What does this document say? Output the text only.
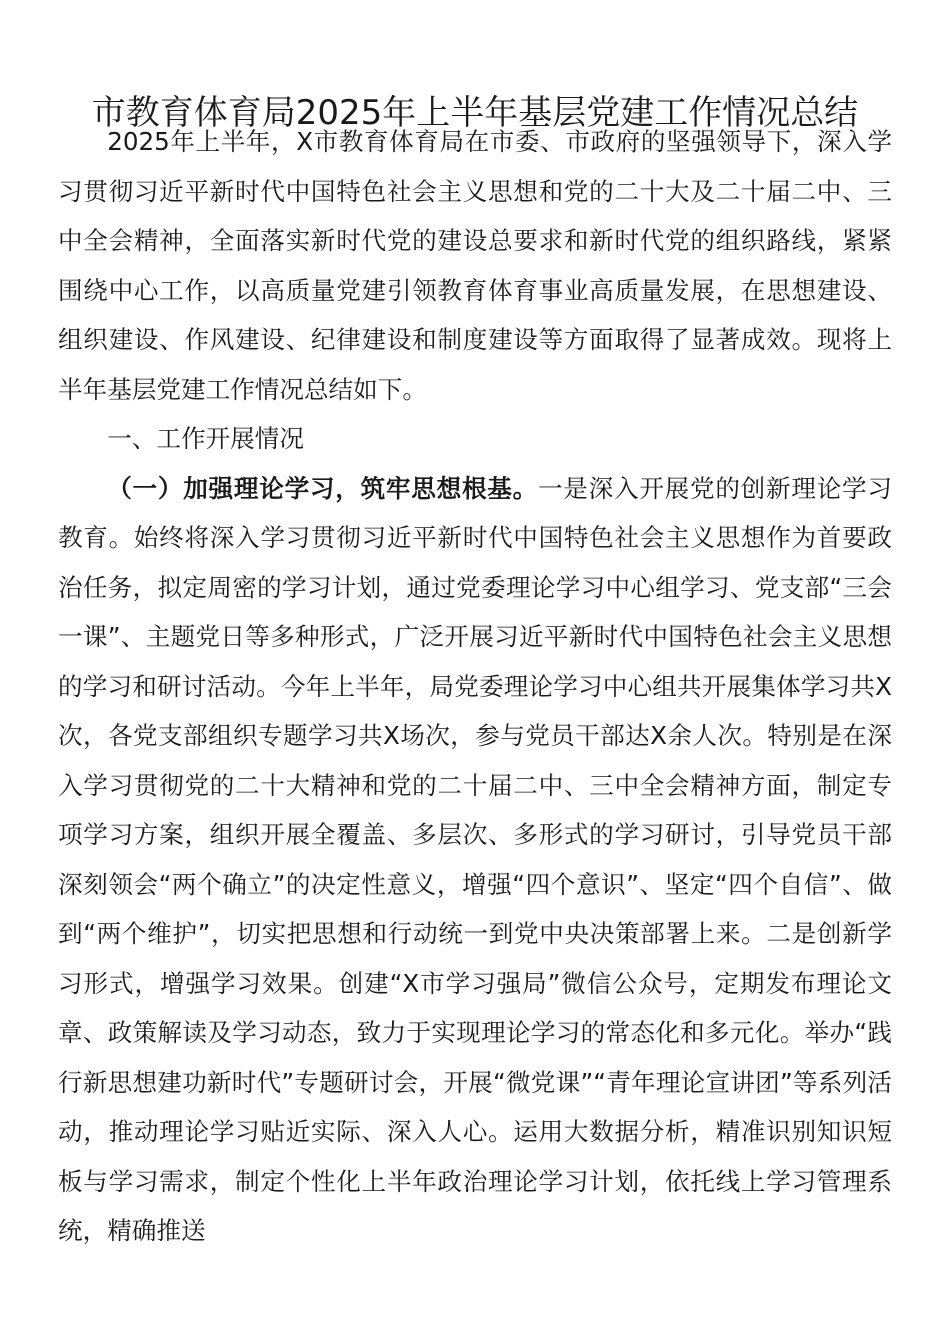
市教育体育局2025年上半年基层党建工作情况总结

2025年上半年，X市教育体育局在市委、市政府的坚强领导下，深入学习贯彻习近平新时代中国特色社会主义思想和党的二十大及二十届二中、三中全会精神，全面落实新时代党的建设总要求和新时代党的组织路线，紧紧围绕中心工作，以高质量党建引领教育体育事业高质量发展，在思想建设、组织建设、作风建设、纪律建设和制度建设等方面取得了显著成效。现将上半年基层党建工作情况总结如下。

一、工作开展情况

（一）加强理论学习，筑牢思想根基。一是深入开展党的创新理论学习教育。始终将深入学习贯彻习近平新时代中国特色社会主义思想作为首要政治任务，拟定周密的学习计划，通过党委理论学习中心组学习、党支部“三会一课”、主题党日等多种形式，广泛开展习近平新时代中国特色社会主义思想的学习和研讨活动。今年上半年，局党委理论学习中心组共开展集体学习共X次，各党支部组织专题学习共X场次，参与党员干部达X余人次。特别是在深入学习贯彻党的二十大精神和党的二十届二中、三中全会精神方面，制定专项学习方案，组织开展全覆盖、多层次、多形式的学习研讨，引导党员干部深刻领会“两个确立”的决定性意义，增强“四个意识”、坚定“四个自信”、做到“两个维护”，切实把思想和行动统一到党中央决策部署上来。二是创新学习形式，增强学习效果。创建“X市学习强局”微信公众号，定期发布理论文章、政策解读及学习动态，致力于实现理论学习的常态化和多元化。举办“践行新思想建功新时代”专题研讨会，开展“微党课”“青年理论宣讲团”等系列活动，推动理论学习贴近实际、深入人心。运用大数据分析，精准识别知识短板与学习需求，制定个性化上半年政治理论学习计划，依托线上学习管理系统，精确推送
